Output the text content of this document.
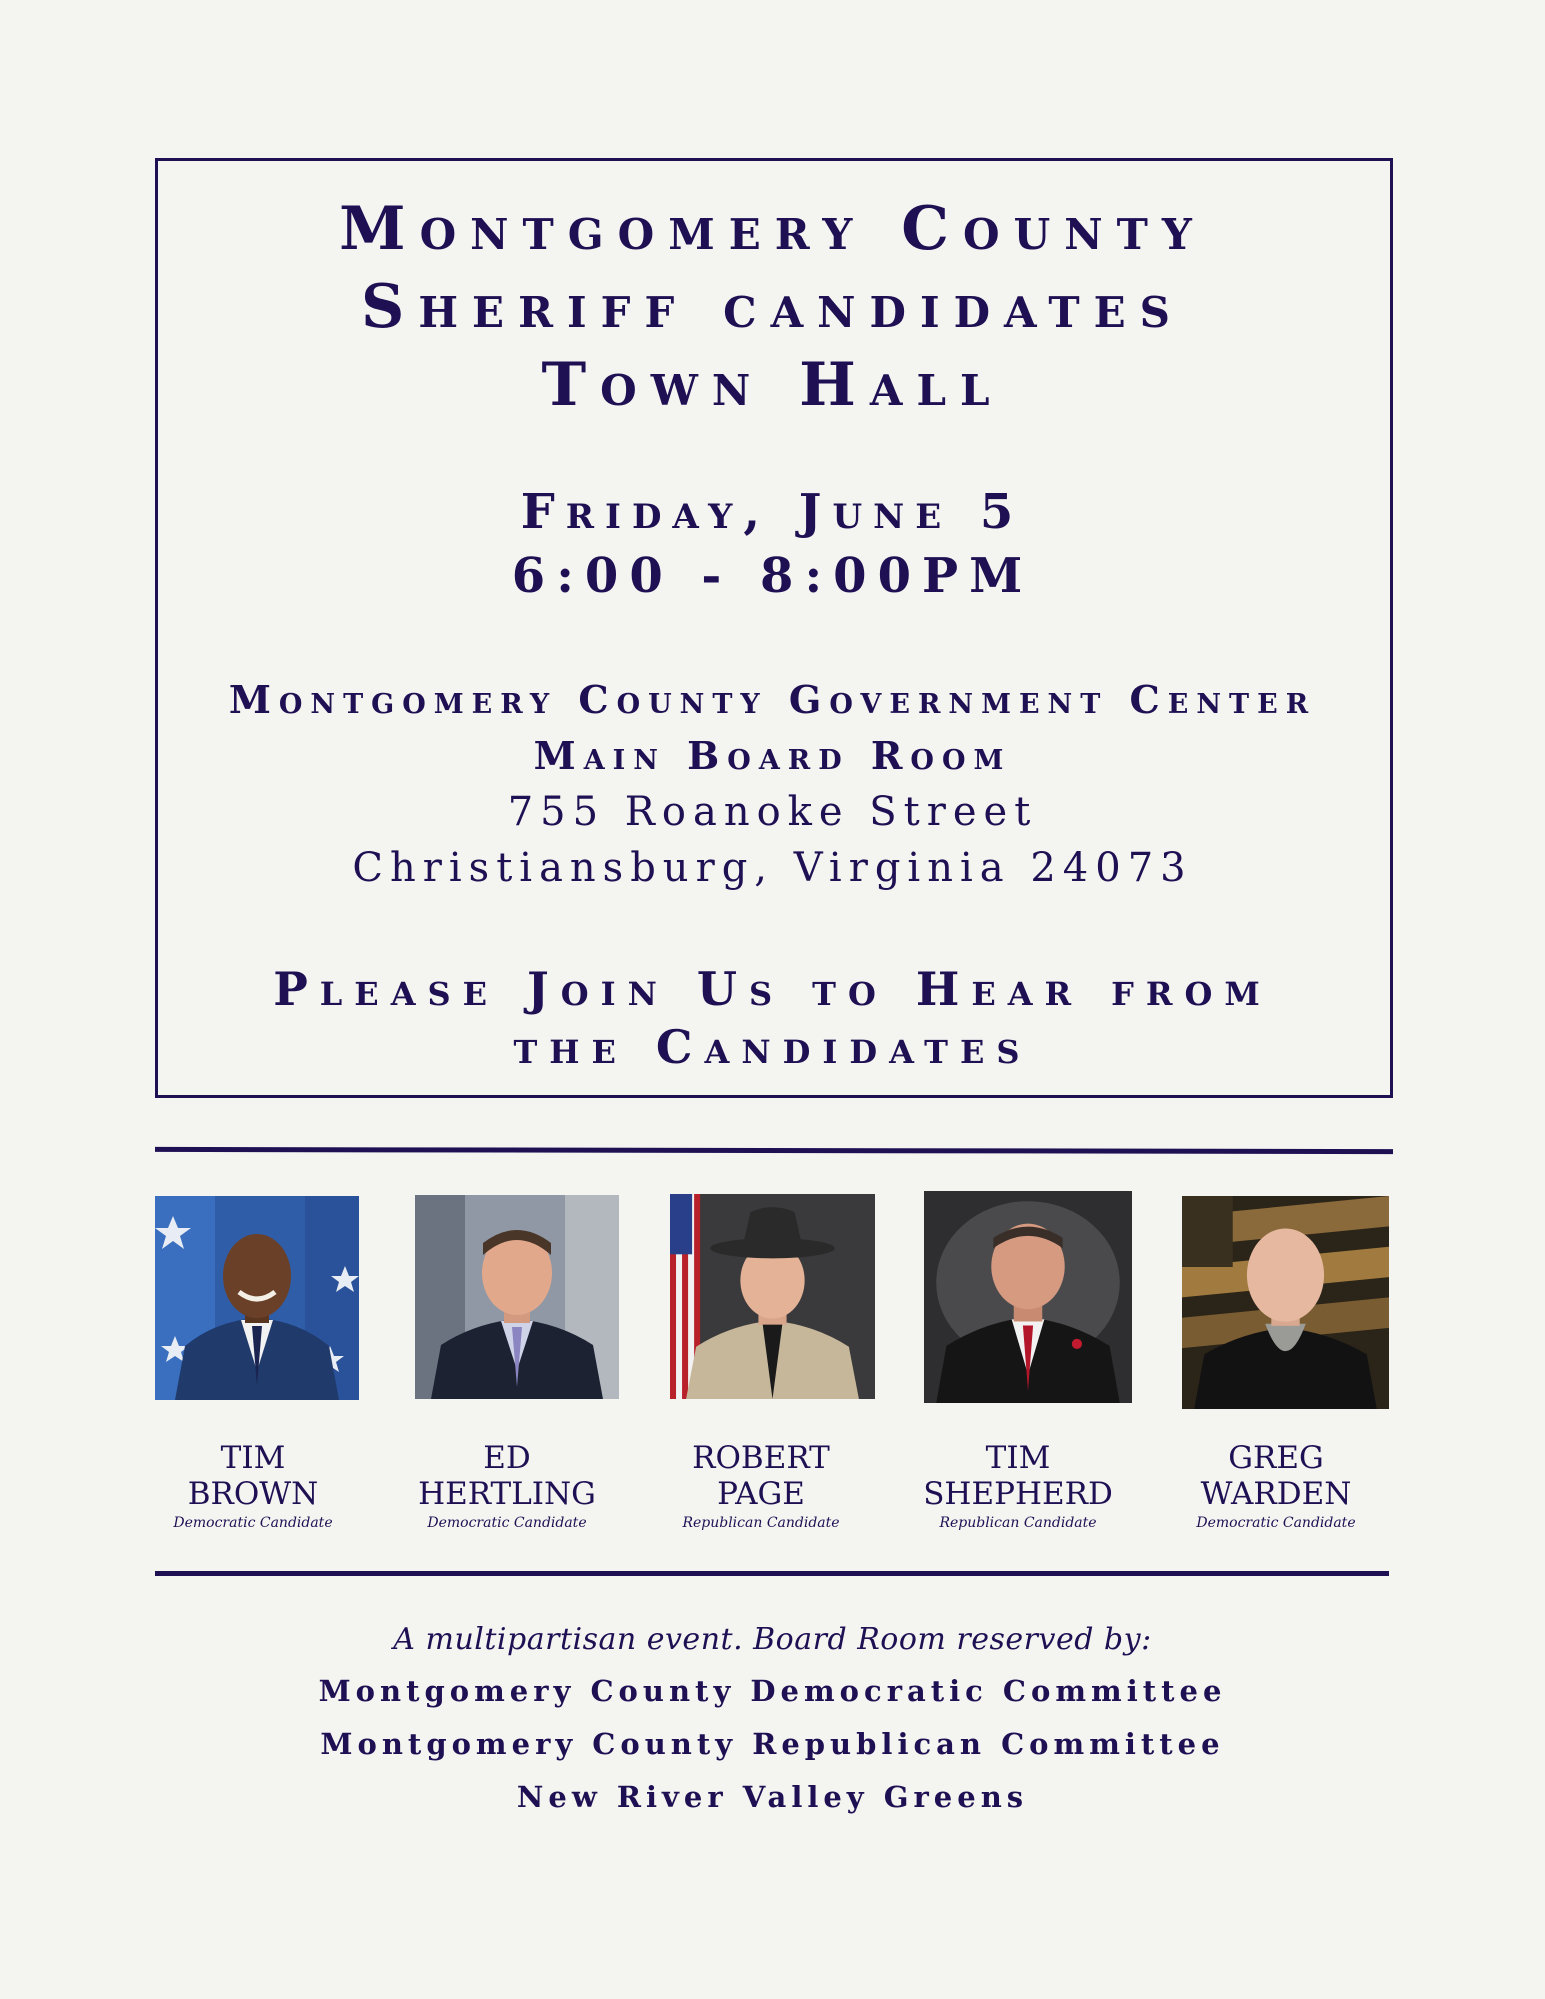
Montgomery County
Sheriff candidates
Town Hall
Friday, June 5
6:00 - 8:00PM
Montgomery County Government Center
Main Board Room
755 Roanoke Street
Christiansburg, Virginia 24073
Please Join Us to Hear from
the Candidates
TIM
BROWN
Democratic Candidate
ED
HERTLING
Democratic Candidate
ROBERT
PAGE
Republican Candidate
TIM
SHEPHERD
Republican Candidate
GREG
WARDEN
Democratic Candidate
A multipartisan event. Board Room reserved by:
Montgomery County Democratic Committee
Montgomery County Republican Committee
New River Valley Greens
